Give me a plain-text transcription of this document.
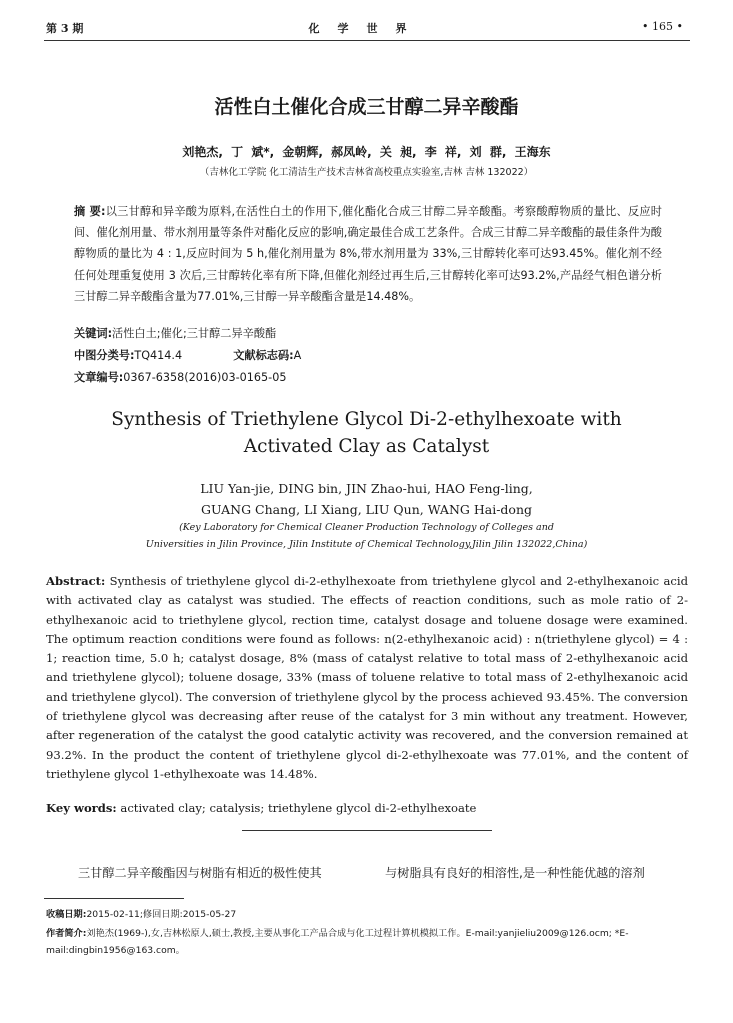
第 3 期	化学世界	• 165 •
活性白土催化合成三甘醇二异辛酸酯
刘艳杰, 丁 斌*, 金朝辉, 郝凤岭, 关 昶, 李 祥, 刘 群, 王海东
（吉林化工学院 化工清洁生产技术吉林省高校重点实验室,吉林 吉林 132022）
摘 要:以三甘醇和异辛酸为原料,在活性白土的作用下,催化酯化合成三甘醇二异辛酸酯。考察酸醇物质的量比、反应时间、催化剂用量、带水剂用量等条件对酯化反应的影响,确定最佳合成工艺条件。合成三甘醇二异辛酸酯的最佳条件为酸醇物质的量比为 4 : 1,反应时间为 5 h,催化剂用量为 8%,带水剂用量为 33%,三甘醇转化率可达93.45%。催化剂不经任何处理重复使用 3 次后,三甘醇转化率有所下降,但催化剂经过再生后,三甘醇转化率可达93.2%,产品经气相色谱分析三甘醇二异辛酸酯含量为77.01%,三甘醇一异辛酸酯含量是14.48%。
关键词:活性白土;催化;三甘醇二异辛酸酯
中图分类号:TQ414.4	文献标志码:A
文章编号:0367-6358(2016)03-0165-05
Synthesis of Triethylene Glycol Di-2-ethylhexoate with
Activated Clay as Catalyst
LIU Yan-jie, DING bin, JIN Zhao-hui, HAO Feng-ling,
GUANG Chang, LI Xiang, LIU Qun, WANG Hai-dong
(Key Laboratory for Chemical Cleaner Production Technology of Colleges and
Universities in Jilin Province, Jilin Institute of Chemical Technology,Jilin Jilin 132022,China)
Abstract: Synthesis of triethylene glycol di-2-ethylhexoate from triethylene glycol and 2-ethylhexanoic acid with activated clay as catalyst was studied. The effects of reaction conditions, such as mole ratio of 2-ethylhexanoic acid to triethylene glycol, rection time, catalyst dosage and toluene dosage were examined. The optimum reaction conditions were found as follows: n(2-ethylhexanoic acid) : n(triethylene glycol) = 4 : 1; reaction time, 5.0 h; catalyst dosage, 8% (mass of catalyst relative to total mass of 2-ethylhexanoic acid and triethylene glycol); toluene dosage, 33% (mass of toluene relative to total mass of 2-ethylhexanoic acid and triethylene glycol). The conversion of triethylene glycol by the process achieved 93.45%. The conversion of triethylene glycol was decreasing after reuse of the catalyst for 3 min without any treatment. However, after regeneration of the catalyst the good catalytic activity was recovered, and the conversion remained at 93.2%. In the product the content of triethylene glycol di-2-ethylhexoate was 77.01%, and the content of triethylene glycol 1-ethylhexoate was 14.48%.
Key words: activated clay; catalysis; triethylene glycol di-2-ethylhexoate
三甘醇二异辛酸酯因与树脂有相近的极性使其	与树脂具有良好的相溶性,是一种性能优越的溶剂
收稿日期:2015-02-11;修回日期:2015-05-27
作者简介:刘艳杰(1969-),女,吉林松原人,硕士,教授,主要从事化工产品合成与化工过程计算机模拟工作。E-mail:yanjieliu2009@126.ocm; *E-mail:dingbin1956@163.com。
